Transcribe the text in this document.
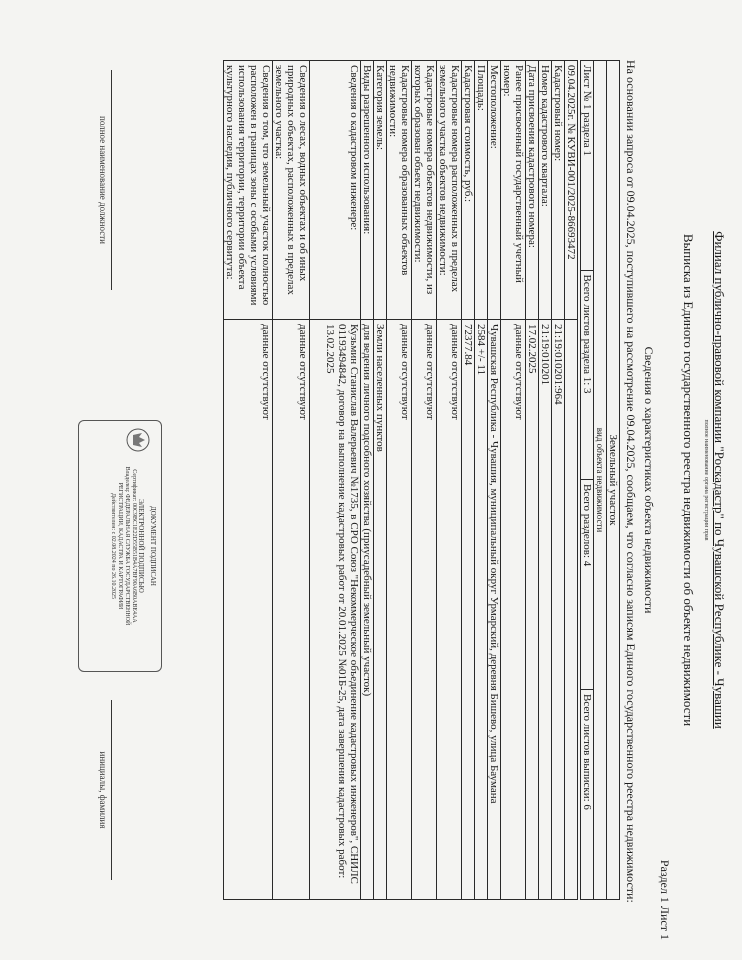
Филиал публично-правовой компании "Роскадастр" по Чувашской Республике - Чувашии
полное наименование органа регистрации прав
Выписка из Единого государственного реестра недвижимости об объекте недвижимости
Раздел 1 Лист 1
Сведения о характеристиках объекта недвижимости
На основании запроса от 09.04.2025, поступившего на рассмотрение 09.04.2025, сообщаем, что согласно записям Единого государственного реестра недвижимости:
Земельный участок
вид объекта недвижимости
Лист № 1 раздела 1	Всего листов раздела 1: 3	Всего разделов: 4	Всего листов выписки: 6
09.04.2025г. № КУВИ-001/2025-86693472	
Кадастровый номер:	21:19:010201:964
Номер кадастрового квартала:	21:19:010201
Дата присвоения кадастрового номера:	17.02.2025
Ранее присвоенный государственный учетный номер:	данные отсутствуют
Местоположение:	Чувашская Республика - Чувашия, муниципальный округ Урмарский, деревня Бишево, улица Баумана
Площадь:	2584 +/- 11
Кадастровая стоимость, руб.:	72377.84
Кадастровые номера расположенных в пределах земельного участка объектов недвижимости:	данные отсутствуют
Кадастровые номера объектов недвижимости, из которых образован объект недвижимости:	данные отсутствуют
Кадастровые номера образованных объектов недвижимости:	данные отсутствуют
Категория земель:	Земли населенных пунктов
Виды разрешенного использования:	для ведения личного подсобного хозяйства (приусадебный земельный участок)
Сведения о кадастровом инженере:	Кузьмин Станислав Валерьевич №1735, в СРО Союз "Некоммерческое объединение кадастровых инженеров", СНИЛС 01193494842, договор на выполнение кадастровых работ от 20.01.2025 №01Б-25, дата завершения кадастровых работ: 13.02.2025
Сведения о лесах, водных объектах и об иных природных объектах, расположенных в пределах земельного участка:	данные отсутствуют
Сведения о том, что земельный участок полностью расположен в границах зоны с особыми условиями использования территории, территории объекта культурного наследия, публичного сервитута:	данные отсутствуют
полное наименование должности
инициалы, фамилия
ДОКУМЕНТ ПОДПИСАН
ЭЛЕКТРОННОЙ ПОДПИСЬЮ
Сертификат: 00C9BC1E22D55B51B4A7BF90A6B0ABE4AA
Владелец: ФЕДЕРАЛЬНАЯ СЛУЖБА ГОСУДАРСТВЕННОЙ
РЕГИСТРАЦИИ, КАДАСТРА И КАРТОГРАФИИ
Действителен: с 02.08.2024 по 26.10.2025
